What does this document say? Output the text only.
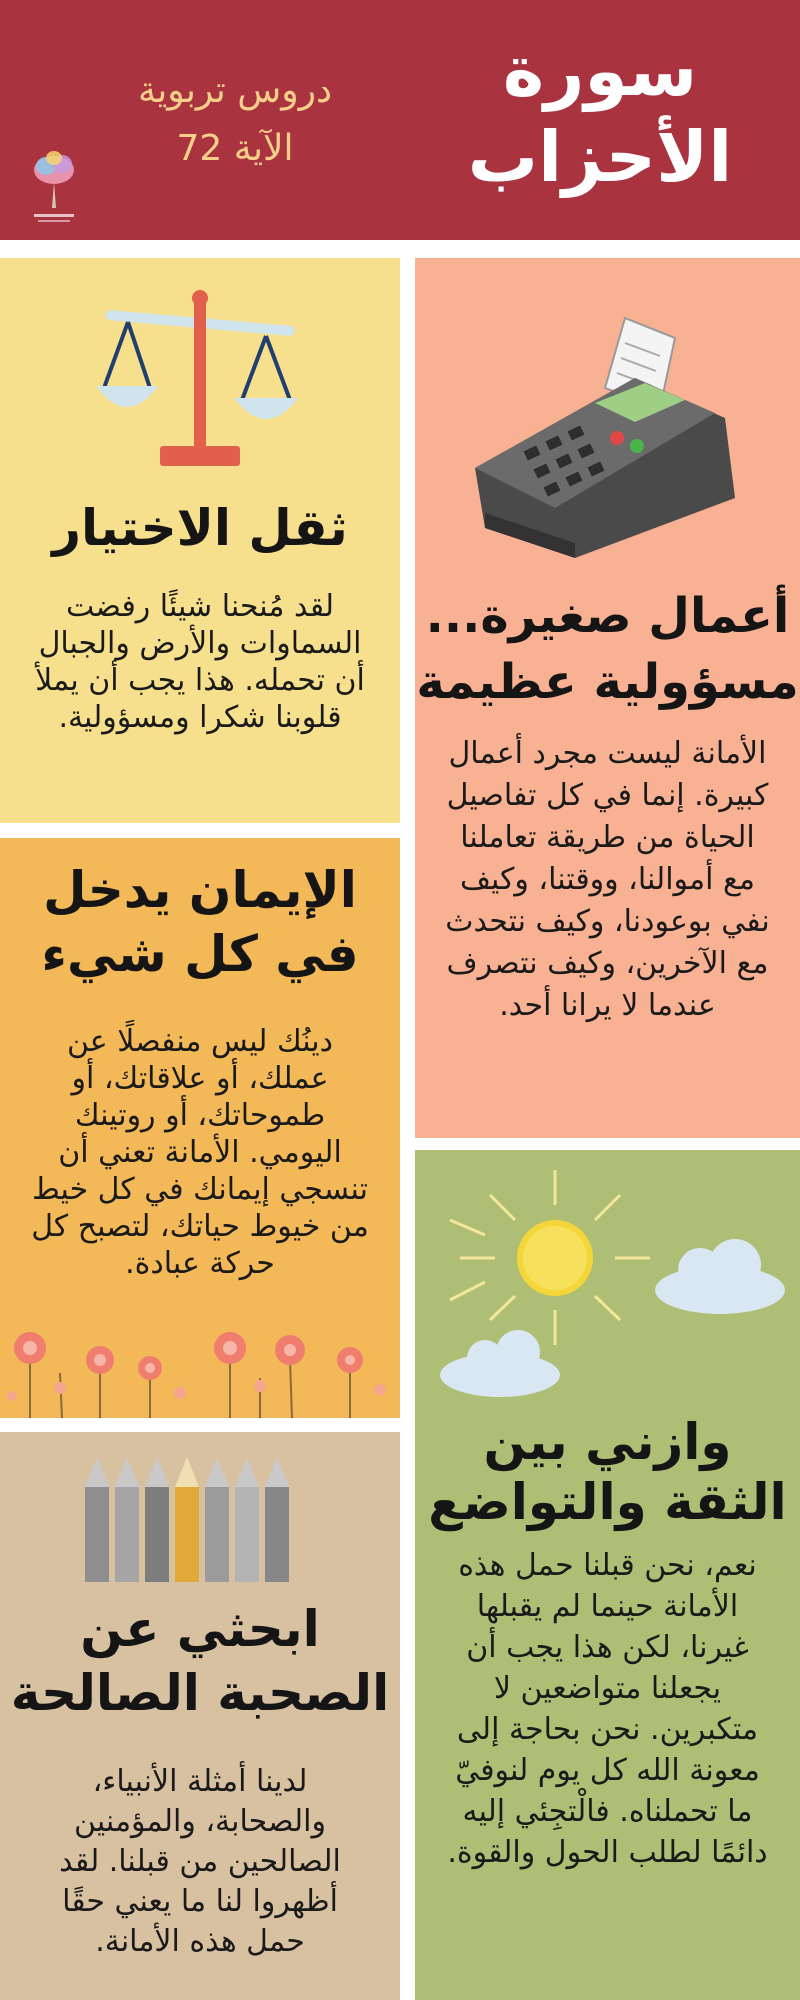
سورة
الأحزاب
دروس تربوية
الآية 72
ثقل الاختيار
لقد مُنحنا شيئًا رفضت السماوات والأرض والجبال أن تحمله. هذا يجب أن يملأ قلوبنا شكرا ومسؤولية.
أعمال صغيرة...
مسؤولية عظيمة
الأمانة ليست مجرد أعمال كبيرة. إنما في كل تفاصيل الحياة من طريقة تعاملنا مع أموالنا، ووقتنا، وكيف نفي بوعودنا، وكيف نتحدث مع الآخرين، وكيف نتصرف عندما لا يرانا أحد.
الإيمان يدخل
في كل شيء
دينُك ليس منفصلًا عن عملك، أو علاقاتك، أو طموحاتك، أو روتينك اليومي. الأمانة تعني أن تنسجي إيمانك في كل خيط من خيوط حياتك، لتصبح كل حركة عبادة.
وازني بين
الثقة والتواضع
نعم، نحن قبلنا حمل هذه الأمانة حينما لم يقبلها غيرنا، لكن هذا يجب أن يجعلنا متواضعين لا متكبرين. نحن بحاجة إلى معونة الله كل يوم لنوفيّ ما تحملناه. فالْتجِئي إليه دائمًا لطلب الحول والقوة.
ابحثي عن
الصحبة الصالحة
لدينا أمثلة الأنبياء، والصحابة، والمؤمنين الصالحين من قبلنا. لقد أظهروا لنا ما يعني حقًا حمل هذه الأمانة.
